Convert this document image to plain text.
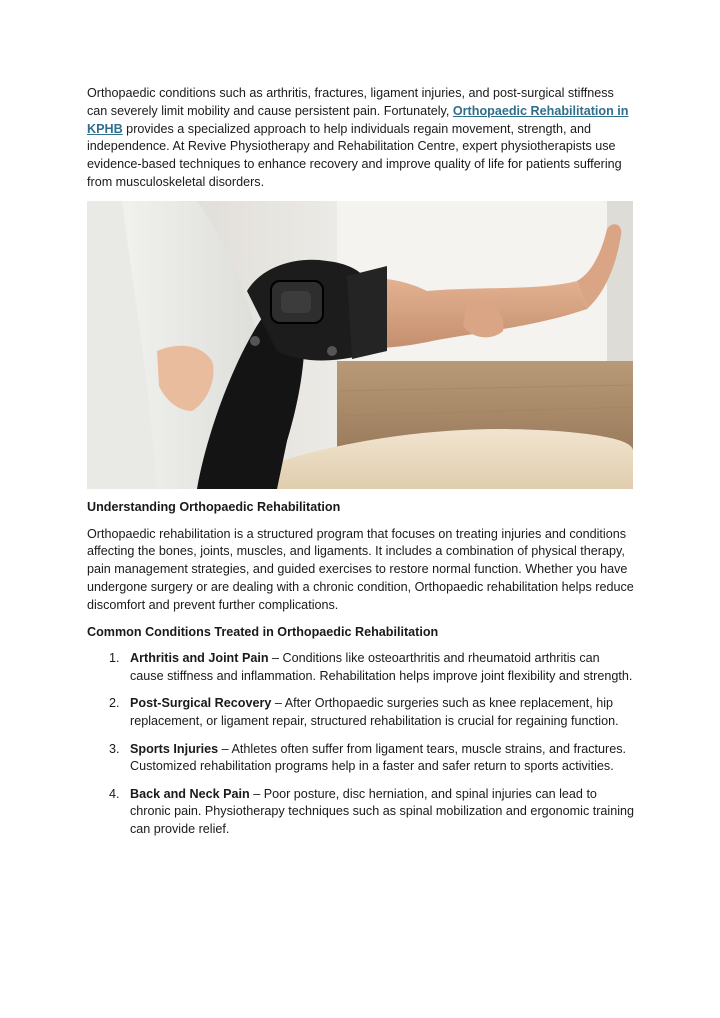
Orthopaedic conditions such as arthritis, fractures, ligament injuries, and post-surgical stiffness can severely limit mobility and cause persistent pain. Fortunately, Orthopaedic Rehabilitation in KPHB provides a specialized approach to help individuals regain movement, strength, and independence. At Revive Physiotherapy and Rehabilitation Centre, expert physiotherapists use evidence-based techniques to enhance recovery and improve quality of life for patients suffering from musculoskeletal disorders.

Understanding Orthopaedic Rehabilitation

Orthopaedic rehabilitation is a structured program that focuses on treating injuries and conditions affecting the bones, joints, muscles, and ligaments. It includes a combination of physical therapy, pain management strategies, and guided exercises to restore normal function. Whether you have undergone surgery or are dealing with a chronic condition, Orthopaedic rehabilitation helps reduce discomfort and prevent further complications.

Common Conditions Treated in Orthopaedic Rehabilitation

1. Arthritis and Joint Pain – Conditions like osteoarthritis and rheumatoid arthritis can cause stiffness and inflammation. Rehabilitation helps improve joint flexibility and strength.
2. Post-Surgical Recovery – After Orthopaedic surgeries such as knee replacement, hip replacement, or ligament repair, structured rehabilitation is crucial for regaining function.
3. Sports Injuries – Athletes often suffer from ligament tears, muscle strains, and fractures. Customized rehabilitation programs help in a faster and safer return to sports activities.
4. Back and Neck Pain – Poor posture, disc herniation, and spinal injuries can lead to chronic pain. Physiotherapy techniques such as spinal mobilization and ergonomic training can provide relief.
